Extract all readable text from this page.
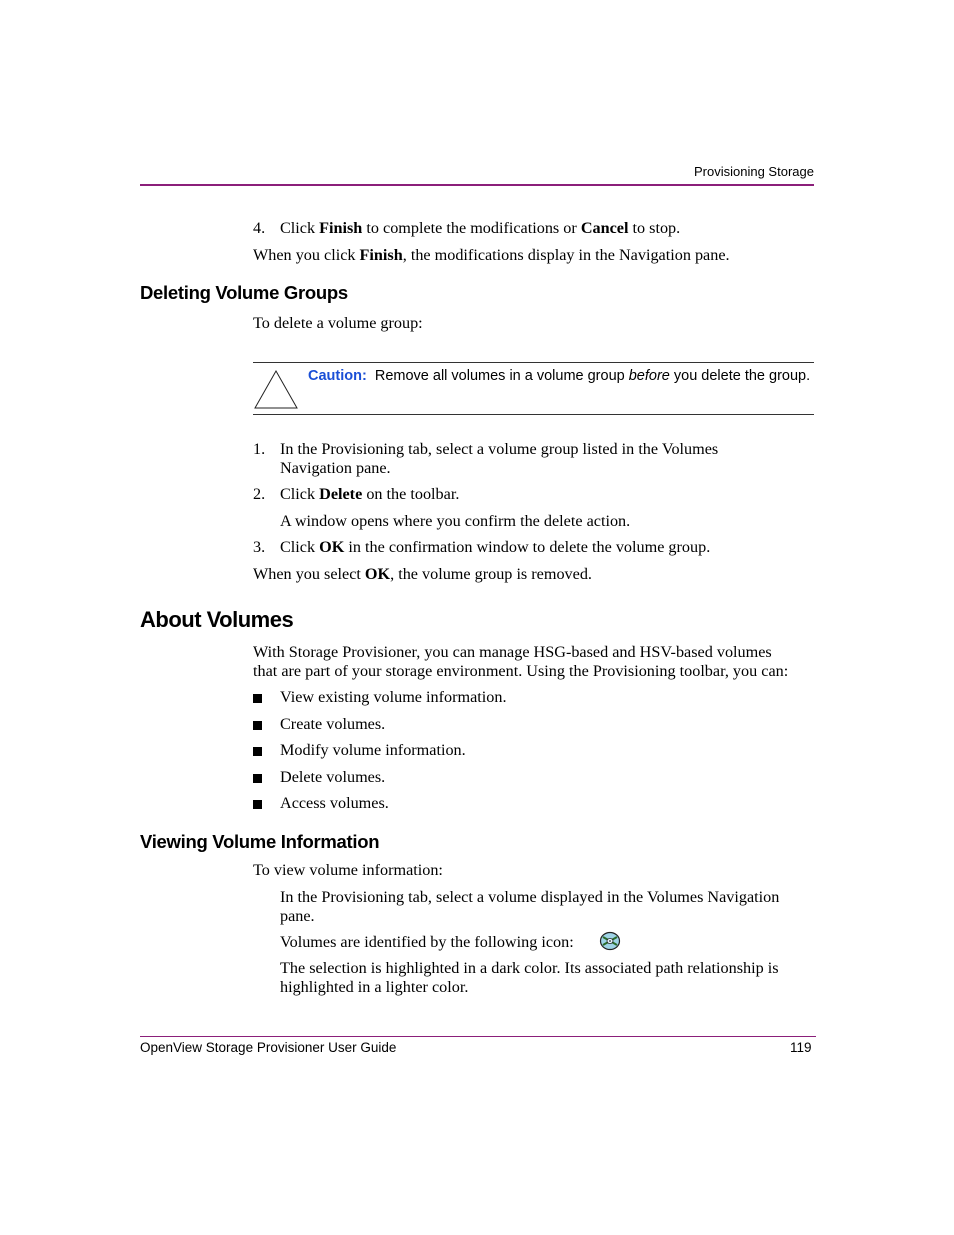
Provisioning Storage
4. Click Finish to complete the modifications or Cancel to stop.
When you click Finish, the modifications display in the Navigation pane.
Deleting Volume Groups
To delete a volume group:
Caution: Remove all volumes in a volume group before you delete the group.
1. In the Provisioning tab, select a volume group listed in the Volumes
Navigation pane.
2. Click Delete on the toolbar.
A window opens where you confirm the delete action.
3. Click OK in the confirmation window to delete the volume group.
When you select OK, the volume group is removed.
About Volumes
With Storage Provisioner, you can manage HSG-based and HSV-based volumes
that are part of your storage environment. Using the Provisioning toolbar, you can:
View existing volume information.
Create volumes.
Modify volume information.
Delete volumes.
Access volumes.
Viewing Volume Information
To view volume information:
In the Provisioning tab, select a volume displayed in the Volumes Navigation
pane.
Volumes are identified by the following icon:
The selection is highlighted in a dark color. Its associated path relationship is
highlighted in a lighter color.
OpenView Storage Provisioner User Guide	119
